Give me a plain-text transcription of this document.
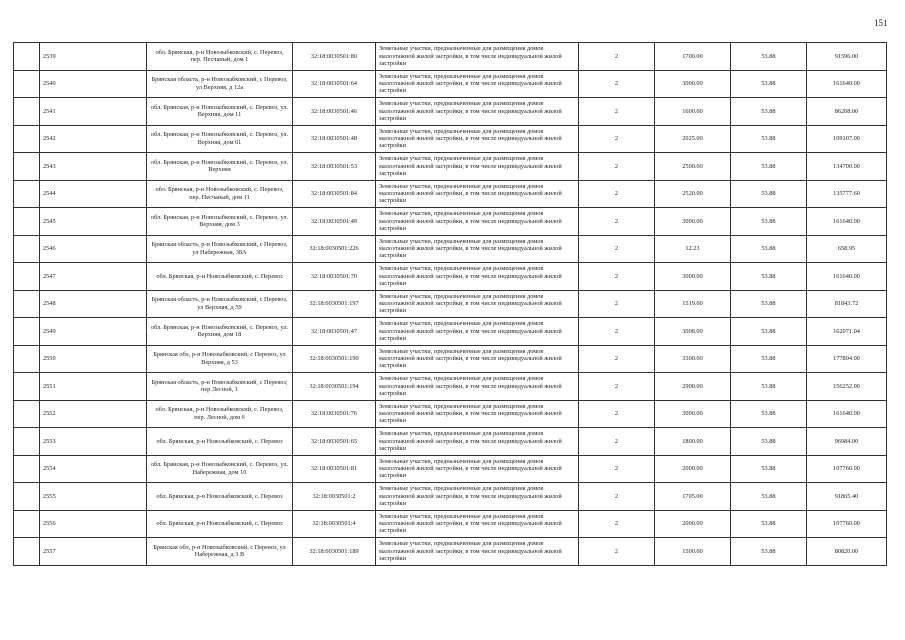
151
	2539	обл. Брянская, р-н Новозыбковский, с. Перевоз, пер. Песчаный, дом 1	32:18:0030501:80	Земельные участки, предназначенные для размещения домов малоэтажной жилой застройки, в том числе индивидуальной жилой застройки	2	1700.00	53.88	91596.00
	2540	Брянская область, р-н Новозыбковский, с Перевоз, ул Верхняя, д 12а	32:18:0030501:64	Земельные участки, предназначенные для размещения домов малоэтажной жилой застройки, в том числе индивидуальной жилой застройки	2	3000.00	53.88	161640.00
	2541	обл. Брянская, р-н Новозыбковский, с. Перевоз, ул. Верхняя, дом 11	32:18:0030501:46	Земельные участки, предназначенные для размещения домов малоэтажной жилой застройки, в том числе индивидуальной жилой застройки	2	1600.00	53.88	86208.00
	2542	обл. Брянская, р-н Новозыбковский, с. Перевоз, ул. Верхняя, дом 61	32:18:0030501:48	Земельные участки, предназначенные для размещения домов малоэтажной жилой застройки, в том числе индивидуальной жилой застройки	2	2025.00	53.88	109107.00
	2543	обл. Брянская, р-н Новозыбковский, с. Перевоз, ул. Верхняя	32:18:0030501:53	Земельные участки, предназначенные для размещения домов малоэтажной жилой застройки, в том числе индивидуальной жилой застройки	2	2500.00	53.88	134700.00
	2544	обл. Брянская, р-н Новозыбковский, с. Перевоз, пер. Песчаный, дом 11	32:18:0030501:84	Земельные участки, предназначенные для размещения домов малоэтажной жилой застройки, в том числе индивидуальной жилой застройки	2	2520.00	53.88	135777.60
	2545	обл. Брянская, р-н Новозыбковский, с. Перевоз, ул. Верхняя, дом 3	32:18:0030501:49	Земельные участки, предназначенные для размещения домов малоэтажной жилой застройки, в том числе индивидуальной жилой застройки	2	3000.00	53.88	161640.00
	2546	Брянская область, р-н Новозыбковский, с Перевоз, ул Набережная, 38А	32:18:0030501:226	Земельные участки, предназначенные для размещения домов малоэтажной жилой застройки, в том числе индивидуальной жилой застройки	2	12.23	53.88	658.95
	2547	обл. Брянская, р-н Новозыбковский, с. Перевоз	32:18:0030501:70	Земельные участки, предназначенные для размещения домов малоэтажной жилой застройки, в том числе индивидуальной жилой застройки	2	3000.00	53.88	161640.00
	2548	Брянская область, р-н Новозыбковский, с Перевоз, ул Верхняя, д 59	32:18:0030501:197	Земельные участки, предназначенные для размещения домов малоэтажной жилой застройки, в том числе индивидуальной жилой застройки	2	1519.00	53.88	81843.72
	2549	обл. Брянская, р-н Новозыбковский, с. Перевоз, ул. Верхняя, дом 18	32:18:0030501:47	Земельные участки, предназначенные для размещения домов малоэтажной жилой застройки, в том числе индивидуальной жилой застройки	2	3008.00	53.88	162071.04
	2550	Брянская обл, р-н Новозыбковский, с Перевоз, ул Верхняя, д 53	32:18:0030501:190	Земельные участки, предназначенные для размещения домов малоэтажной жилой застройки, в том числе индивидуальной жилой застройки	2	3300.00	53.88	177804.00
	2551	Брянская область, р-н Новозыбковский, с Перевоз, пер Лесной, 1	32:18:0030501:194	Земельные участки, предназначенные для размещения домов малоэтажной жилой застройки, в том числе индивидуальной жилой застройки	2	2900.00	53.88	156252.00
	2552	обл. Брянская, р-н Новозыбковский, с. Перевоз, пер. Лесной, дом 6	32:18:0030501:76	Земельные участки, предназначенные для размещения домов малоэтажной жилой застройки, в том числе индивидуальной жилой застройки	2	3000.00	53.88	161640.00
	2553	обл. Брянская, р-н Новозыбковский, с. Перевоз	32:18:0030501:65	Земельные участки, предназначенные для размещения домов малоэтажной жилой застройки, в том числе индивидуальной жилой застройки	2	1800.00	53.88	96984.00
	2554	обл. Брянская, р-н Новозыбковский, с. Перевоз, ул. Набережная, дом 10	32:18:0030501:81	Земельные участки, предназначенные для размещения домов малоэтажной жилой застройки, в том числе индивидуальной жилой застройки	2	2000.00	53.88	107760.00
	2555	обл. Брянская, р-н Новозыбковский, с. Перевоз	32:18:0030501:2	Земельные участки, предназначенные для размещения домов малоэтажной жилой застройки, в том числе индивидуальной жилой застройки	2	1705.00	53.88	91865.40
	2556	обл. Брянская, р-н Новозыбковский, с. Перевоз	32:18:0030501:4	Земельные участки, предназначенные для размещения домов малоэтажной жилой застройки, в том числе индивидуальной жилой застройки	2	2000.00	53.88	107760.00
	2557	Брянская обл, р-н Новозыбковский, с Перевоз, ул Набережная, д 3 В	32:18:0030501:189	Земельные участки, предназначенные для размещения домов малоэтажной жилой застройки, в том числе индивидуальной жилой застройки	2	1500.00	53.88	80820.00
